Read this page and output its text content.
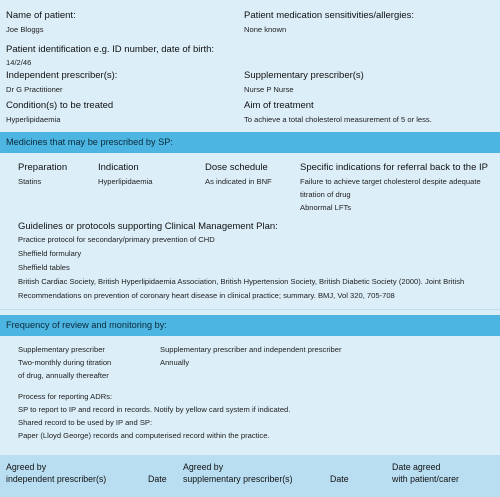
Name of patient:
Joe Bloggs
Patient medication sensitivities/allergies:
None known
Patient identification e.g. ID number, date of birth:
14/2/46
Independent prescriber(s):
Dr G Practitioner
Supplementary prescriber(s)
Nurse P Nurse
Condition(s) to be treated
Hyperlipidaemia
Aim of treatment
To achieve a total cholesterol measurement of 5 or less.
Medicines that may be prescribed by SP:
Preparation	Indication	Dose schedule	Specific indications for referral back to the IP
Statins	Hyperlipidaemia	As indicated in BNF	Failure to achieve target cholesterol despite adequate
titration of drug
Abnormal LFTs
Guidelines or protocols supporting Clinical Management Plan:
Practice protocol for secondary/primary prevention of CHD
Sheffield formulary
Sheffield tables
British Cardiac Society, British Hyperlipidaemia Association, British Hypertension Society, British Diabetic Society (2000). Joint British
Recommendations on prevention of coronary heart disease in clinical practice; summary. BMJ, Vol 320, 705-708
Frequency of review and monitoring by:
Supplementary prescriber
Two-monthly during titration
of drug, annually thereafter
Supplementary prescriber and independent prescriber
Annually
Process for reporting ADRs:
SP to report to IP and record in records. Notify by yellow card system if indicated.
Shared record to be used by IP and SP:
Paper (Lloyd George) records and computerised record within the practice.
Agreed by
independent prescriber(s)	Date
Agreed by
supplementary prescriber(s)	Date
Date agreed
with patient/carer
